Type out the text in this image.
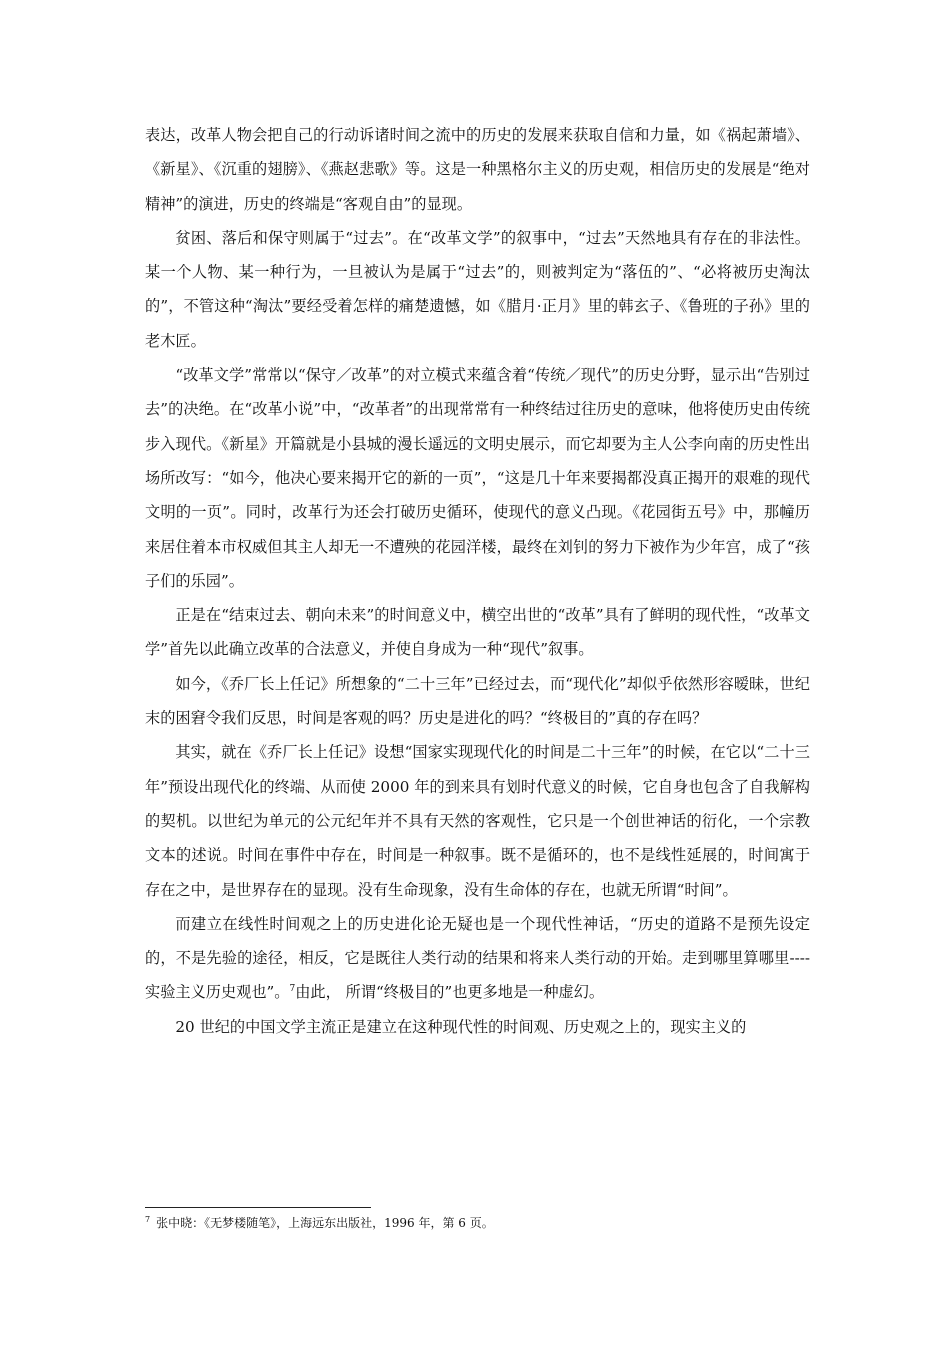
表达，改革人物会把自己的行动诉诸时间之流中的历史的发展来获取自信和力量，如《祸起萧墙》、《新星》、《沉重的翅膀》、《燕赵悲歌》等。这是一种黑格尔主义的历史观，相信历史的发展是“绝对精神”的演进，历史的终端是“客观自由”的显现。

贫困、落后和保守则属于“过去”。在“改革文学”的叙事中，“过去”天然地具有存在的非法性。某一个人物、某一种行为，一旦被认为是属于“过去”的，则被判定为“落伍的”、“必将被历史淘汰的”，不管这种“淘汰”要经受着怎样的痛楚遗憾，如《腊月·正月》里的韩玄子、《鲁班的子孙》里的老木匠。

“改革文学”常常以“保守／改革”的对立模式来蕴含着“传统／现代”的历史分野，显示出“告别过去”的决绝。在“改革小说”中，“改革者”的出现常常有一种终结过往历史的意味，他将使历史由传统步入现代。《新星》开篇就是小县城的漫长遥远的文明史展示，而它却要为主人公李向南的历史性出场所改写：“如今，他决心要来揭开它的新的一页”，“这是几十年来要揭都没真正揭开的艰难的现代文明的一页”。同时，改革行为还会打破历史循环，使现代的意义凸现。《花园街五号》中，那幢历来居住着本市权威但其主人却无一不遭殃的花园洋楼，最终在刘钊的努力下被作为少年宫，成了“孩子们的乐园”。

正是在“结束过去、朝向未来”的时间意义中，横空出世的“改革”具有了鲜明的现代性，“改革文学”首先以此确立改革的合法意义，并使自身成为一种“现代”叙事。

如今，《乔厂长上任记》所想象的“二十三年”已经过去，而“现代化”却似乎依然形容暧昧，世纪末的困窘令我们反思，时间是客观的吗？历史是进化的吗？“终极目的”真的存在吗？

其实，就在《乔厂长上任记》设想“国家实现现代化的时间是二十三年”的时候，在它以“二十三年”预设出现代化的终端、从而使 2000 年的到来具有划时代意义的时候，它自身也包含了自我解构的契机。以世纪为单元的公元纪年并不具有天然的客观性，它只是一个创世神话的衍化，一个宗教文本的述说。时间在事件中存在，时间是一种叙事。既不是循环的，也不是线性延展的，时间寓于存在之中，是世界存在的显现。没有生命现象，没有生命体的存在，也就无所谓“时间”。

而建立在线性时间观之上的历史进化论无疑也是一个现代性神话，“历史的道路不是预先设定的，不是先验的途径，相反，它是既往人类行动的结果和将来人类行动的开始。走到哪里算哪里----实验主义历史观也”。$^7$由此， 所谓“终极目的”也更多地是一种虚幻。

20 世纪的中国文学主流正是建立在这种现代性的时间观、历史观之上的，现实主义的

$^7$ 张中晓：《无梦楼随笔》，上海远东出版社，1996 年，第 6 页。
